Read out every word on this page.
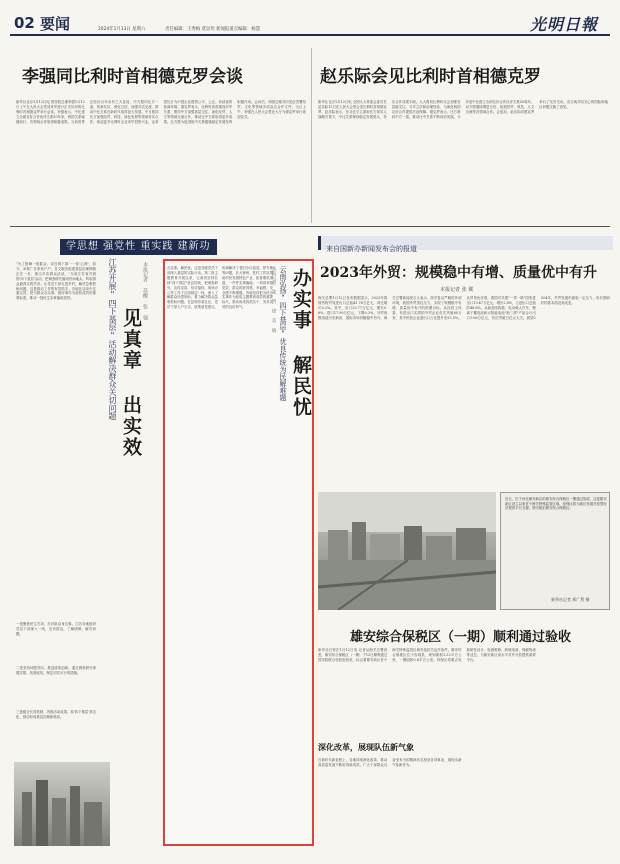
02 要闻	2024年1月13日 星期六	责任编辑：王秀梅 莫显坦 新闻报道点编辑：杨慧	光明日報
李强同比利时首相德克罗会谈
新华社北京1月12日电 国务院总理李强1月12日上午在人民大会堂同来华进行正式访问的比利时首相德克罗举行会谈。李强表示，中比建立全面友好合作伙伴关系50年来，两国关系稳健前行，各领域合作取得积极成果。当前世界正经历百年未有之大变局，中方愿同比方一道，传承友好，深化互信，加强对话交流，推动中比关系在新时代取得更大发展。中方愿同比方加强经贸、科技、绿色发展等领域务实合作，欢迎更多比利时企业来华投资兴业，也希望比方为中国企业提供公平、公正、非歧视的营商环境。德克罗表示，比利时高度重视对华关系，愿同中方加强高层交往，深化经贸、人文等领域交流合作，推动比中关系取得更多成果。比方愿为促进欧中关系健康稳定发展发挥积极作用。会谈后，两国总理共同见证签署经贸、文化等领域多项双边合作文件。当日上午，李强在人民大会堂北大厅为德克罗举行欢迎仪式。
赵乐际会见比利时首相德克罗
新华社北京1月12日电 全国人大常委会委员长赵乐际12日在人民大会堂会见比利时首相德克罗。赵乐际表示，在习近平主席和比方领导人战略引领下，中比关系保持稳定发展势头，务实合作成果丰硕。人大愿同比利时议会加强各层级交往，分享立法和治理经验，为深化两国友好合作提供法治保障。德克罗表示，比方愿同中方一道，推动比中关系不断向前发展。今年是中比建立全面友好合作伙伴关系50周年，双方愿继续增进互信，拓展经贸、科技、人文交流等各领域合作。会见前，赵乐际同德克罗举行了友好交谈。双方就共同关心的国际和地区问题交换了意见。
学思想 强党性 重实践 建新功	来自国新办新闻发布会的报道
"为了鼓舞一批群众、亲近城下群一一体'心理'，如今，举报广告家家户户，各文服务组建基层治理网格正在一步，推出多彩群众活动。"当前江苏省开展的'四下基层'活动，把调查研究落到田间地头，听取群众最真实的声音。让党员干部走进乡村，解决急难愁盼问题，这是推动工作的有效抓手。各地在活动中注重实效，把为群众办实事、做好事作为检验成效的重要标准，推动一批民生实事落地见效。
一是聚焦民生关切，办好群众身边事。江苏各地组织党员干部深入一线，走访群众，了解困难，解决问题。
二是坚持问题导向，推进改革创新。通过调查研究掌握实情，找准症结，制定切实可行的措施。
三是健全长效机制，巩固活动成果。将'四下基层'常态化，推动形成基层治理新格局。
见真章 出实效
江苏开展"四下基层"活动解决群众关切问题	本报记者 苏醒 张 强	办实事，解民忧。这是各级党员干部深入基层的实际行动。第二批主题教育开展以来，云南省坚持弘扬"四下基层"优良传统，把调查研究、宣传宣讲、信访接待、现场办公等工作下沉到基层一线，深入了解群众所思所盼，着力解决群众急难愁盼问题。在昆明市某社区，党员干部入户走访，收集意见建议，协调解决了老旧小区改造、停车难等问题。在大理州，驻村工作队帮助村民发展特色产业，拓宽增收渠道。一件件实事落地，一项项举措见效，群众的获得感、幸福感、安全感不断增强。各地坚持把为民办实事作为检验主题教育成效的重要标尺，推动形成真抓实干、务求实效的良好风气。	办实事 解民忧
云南弘扬"四下基层"优良传统为民解难题
本报记者 张 哲 徐 美 娟	2023年外贸：规模稳中有增、质量优中有升
本报记者 张 翼
海关总署1月12日发布数据显示，2023年我国货物贸易进出口总值41.76万亿元，同比增长0.2%。其中，出口23.77万亿元，增长0.6%；进口17.99万亿元，下降0.3%。外贸规模再创历史新高，国际市场份额稳中有升。海关总署新闻发言人表示，面对复杂严峻的外部环境，我国外贸顶住压力，实现了规模稳中有增、质量优中有升的预期目标。从经营主体看，有进出口实绩的外贸企业首次突破60万家，其中民营企业进出口占比提升至53.5%。从贸易伙伴看，我国对共建"一带一路"国家进出口19.47万亿元，增长2.8%，占进出口总值的46.6%。从商品结构看，电动载人汽车、锂离子蓄电池和太阳能电池"新三样"产品合计出口1.06万亿元，首次突破万亿元大关。展望2024年，外贸发展仍面临一定压力，但长期向好的基本面没有改变。
近日，位于河北雄安新区的雄安综合保税区一期通过验收，这是雄安新区设立以来首个海关特殊监管区域，综保区将为新区发展开放型经济提供平台支撑。图为航拍雄安综合保税区。
新华社记者 邢广利 摄
雄安综合保税区（一期）顺利通过验收
新华社石家庄1月12日电 记者从海关总署获悉，雄安综合保税区（一期）于12日顺利通过国务院联合验收组验收，标志着雄安新区首个海关特殊监管区域具备封关运作条件。雄安综合保税区位于容城县，规划面积1.52平方公里，一期面积0.8平方公里。综保区将重点发展研发设计、检测维修、跨境电商、保税物流等业态，为雄安新区高水平对外开放提供重要平台。
深化改革，展现队伍新气象
在新时代新征程上，各地持续深化改革，推动高质量发展不断取得新成效。广大干部群众以奋发有为的精神状态投身各项事业，展现出新气象新作为。
